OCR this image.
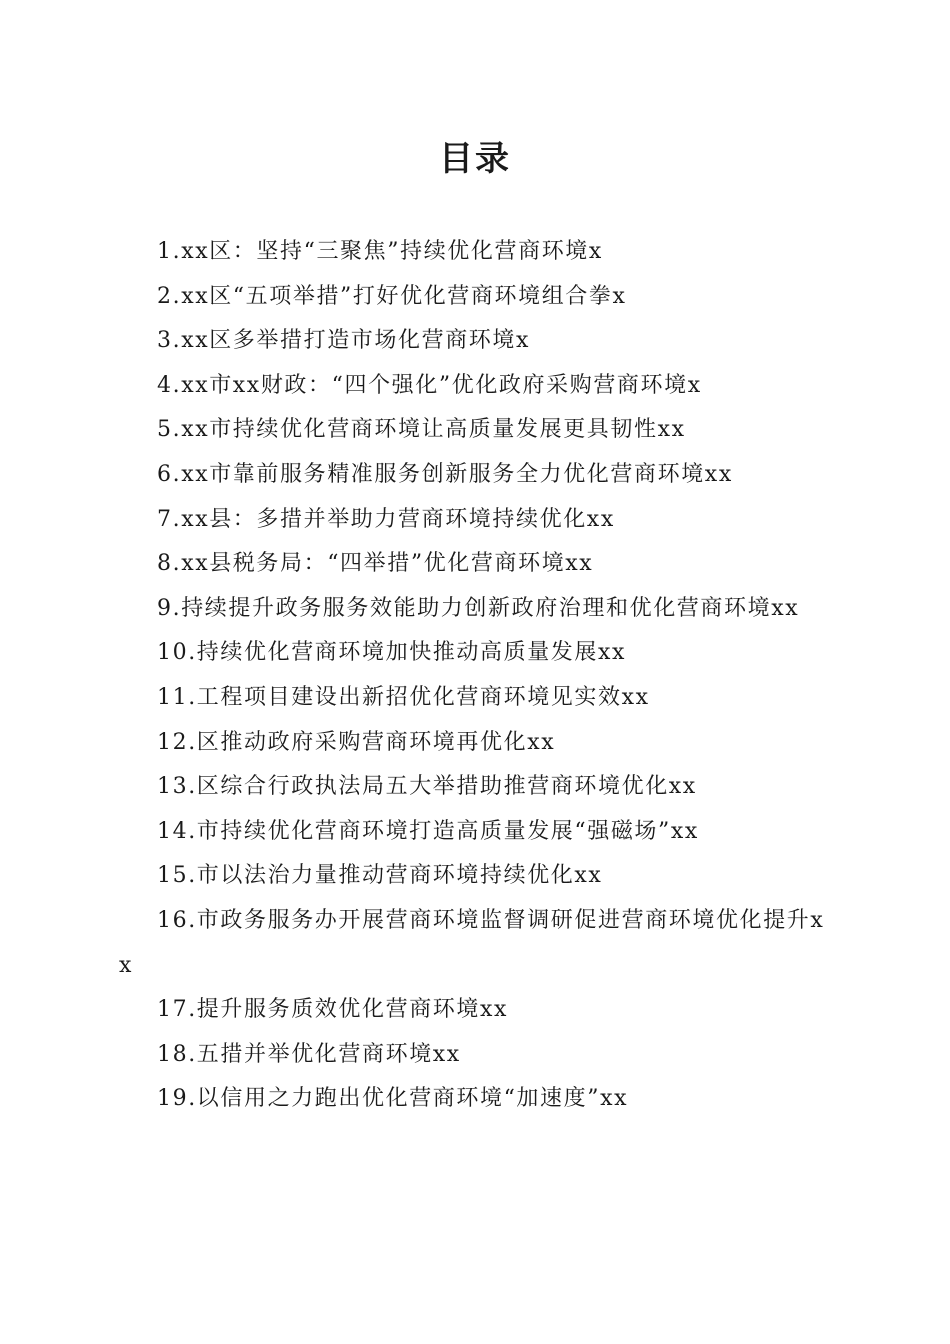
目录
1.xx区：坚持“三聚焦”持续优化营商环境x
2.xx区“五项举措”打好优化营商环境组合拳x
3.xx区多举措打造市场化营商环境x
4.xx市xx财政：“四个强化”优化政府采购营商环境x
5.xx市持续优化营商环境让高质量发展更具韧性xx
6.xx市靠前服务精准服务创新服务全力优化营商环境xx
7.xx县：多措并举助力营商环境持续优化xx
8.xx县税务局：“四举措”优化营商环境xx
9.持续提升政务服务效能助力创新政府治理和优化营商环境xx
10.持续优化营商环境加快推动高质量发展xx
11.工程项目建设出新招优化营商环境见实效xx
12.区推动政府采购营商环境再优化xx
13.区综合行政执法局五大举措助推营商环境优化xx
14.市持续优化营商环境打造高质量发展“强磁场”xx
15.市以法治力量推动营商环境持续优化xx
16.市政务服务办开展营商环境监督调研促进营商环境优化提升xx
17.提升服务质效优化营商环境xx
18.五措并举优化营商环境xx
19.以信用之力跑出优化营商环境“加速度”xx
